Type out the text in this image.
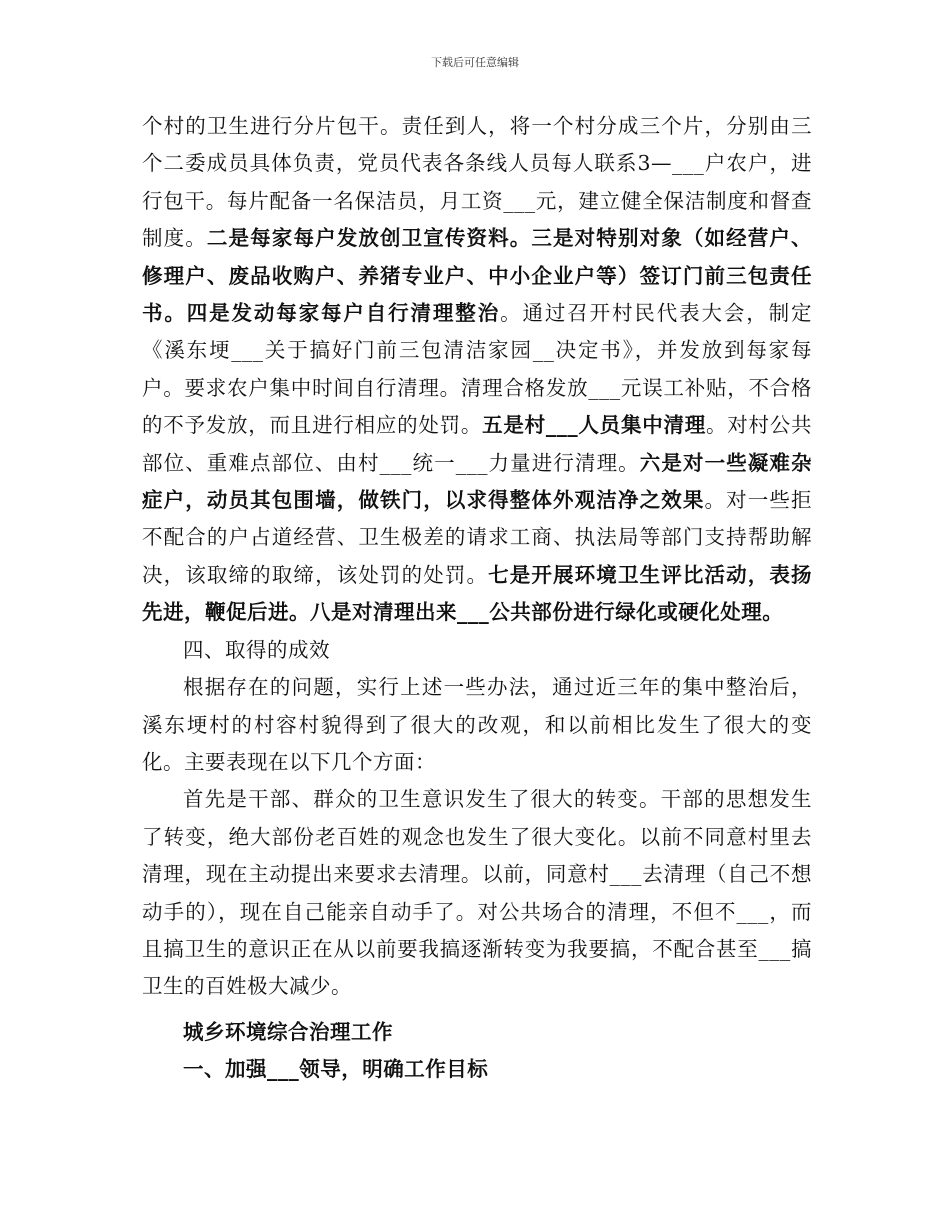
下载后可任意编辑

个村的卫生进行分片包干。责任到人，将一个村分成三个片，分别由三个二委成员具体负责，党员代表各条线人员每人联系3—___户农户，进行包干。每片配备一名保洁员，月工资___元，建立健全保洁制度和督查制度。二是每家每户发放创卫宣传资料。三是对特别对象（如经营户、修理户、废品收购户、养猪专业户、中小企业户等）签订门前三包责任书。四是发动每家每户自行清理整治。通过召开村民代表大会，制定《溪东埂___关于搞好门前三包清洁家园__决定书》，并发放到每家每户。要求农户集中时间自行清理。清理合格发放___元误工补贴，不合格的不予发放，而且进行相应的处罚。五是村___人员集中清理。对村公共部位、重难点部位、由村___统一___力量进行清理。六是对一些凝难杂症户，动员其包围墙，做铁门，以求得整体外观洁净之效果。对一些拒不配合的户占道经营、卫生极差的请求工商、执法局等部门支持帮助解决，该取缔的取缔，该处罚的处罚。七是开展环境卫生评比活动，表扬先进，鞭促后进。八是对清理出来___公共部份进行绿化或硬化处理。

四、取得的成效

根据存在的问题，实行上述一些办法，通过近三年的集中整治后，溪东埂村的村容村貌得到了很大的改观，和以前相比发生了很大的变化。主要表现在以下几个方面：

首先是干部、群众的卫生意识发生了很大的转变。干部的思想发生了转变，绝大部份老百姓的观念也发生了很大变化。以前不同意村里去清理，现在主动提出来要求去清理。以前，同意村___去清理（自己不想动手的），现在自己能亲自动手了。对公共场合的清理，不但不___，而且搞卫生的意识正在从以前要我搞逐渐转变为我要搞，不配合甚至___搞卫生的百姓极大减少。

城乡环境综合治理工作

一、加强___领导，明确工作目标
